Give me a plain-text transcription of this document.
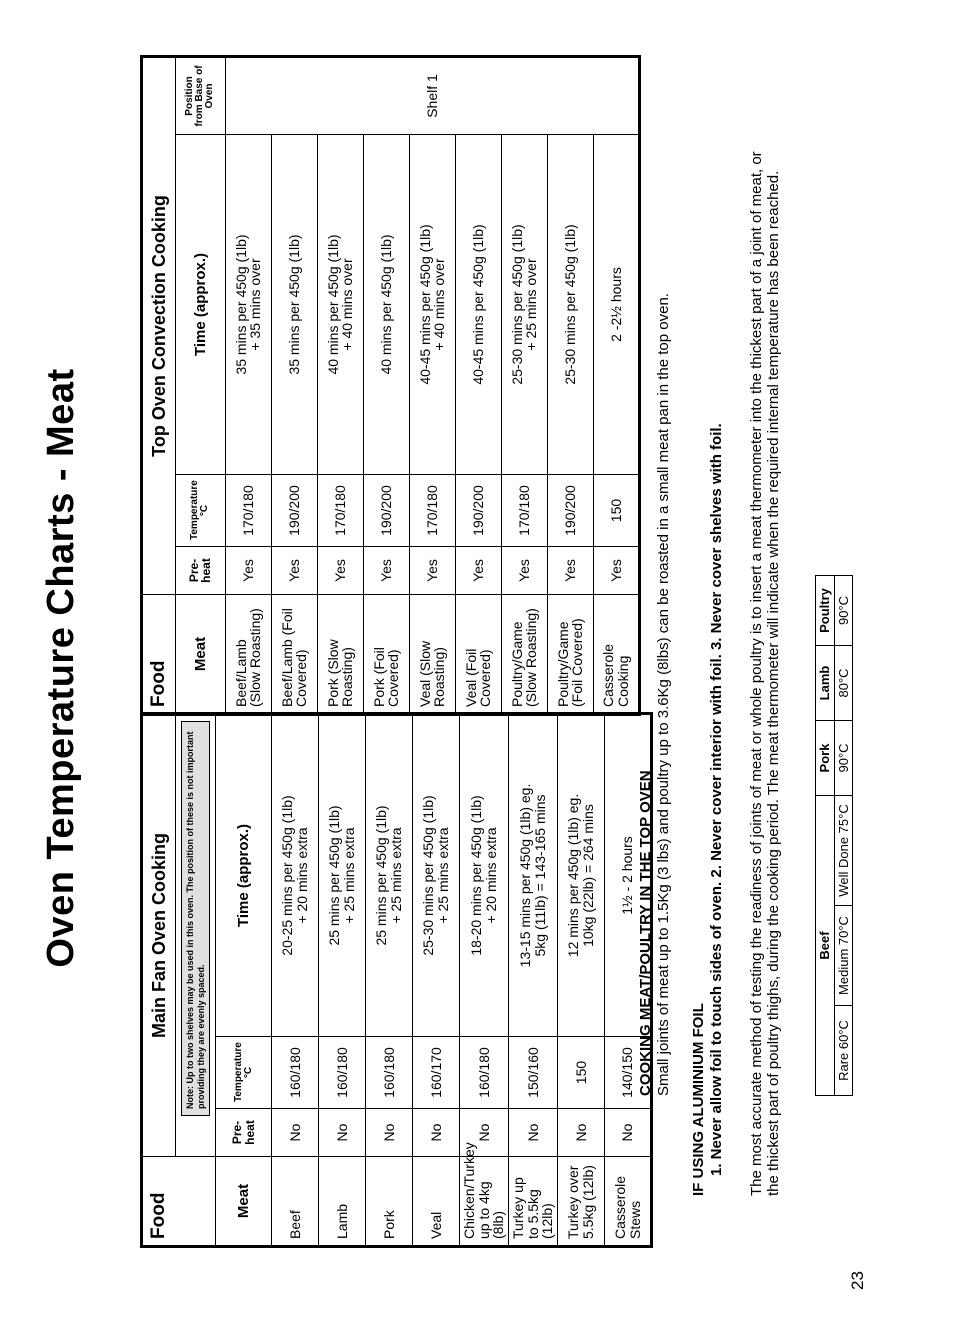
Oven Temperature Charts - Meat
Food	Main Fan Oven Cooking		

	Note: Up to two shelves may be used in this oven. The position of these is not important providing they are evenly spaced.		

Meat	Pre- heat	Temperature °C	Time (approx.)
Beef	No	160/180	20-25 mins per 450g (1lb)
+ 20 mins extra

Lamb	No	160/180	25 mins per 450g (1lb)
+ 25 mins extra

Pork	No	160/180	25 mins per 450g (1lb)
+ 25 mins extra

Veal	No	160/170	25-30 mins per 450g (1lb)
+ 25 mins extra

Chicken/Turkey up to 4kg (8lb)	No	160/180	18-20 mins per 450g (1lb)
+ 20 mins extra

Turkey up to 5.5kg (12lb)	No	150/160	13-15 mins per 450g (1lb) eg.
5kg (11lb) = 143-165 mins

Turkey over 5.5kg (12lb)	No	150	12 mins per 450g (1lb) eg.
10kg (22lb) = 264 mins

Casserole Stews	No	140/150	1½ - 2 hours
Food	Top Oven Convection Cooking			
Meat	Pre- heat	Temperature °C	Time (approx.)	Position from Base of Oven
Beef/Lamb (Slow Roasting)	Yes	170/180	35 mins per 450g (1lb)
+ 35 mins over	Shelf 1
Beef/Lamb (Foil Covered)	Yes	190/200	35 mins per 450g (1lb)	

Pork (Slow Roasting)	Yes	170/180	40 mins per 450g (1lb)
+ 40 mins over	

Pork (Foil Covered)	Yes	190/200	40 mins per 450g (1lb)	

Veal (Slow Roasting)	Yes	170/180	40-45 mins per 450g (1lb)
+ 40 mins over	

Veal (Foil Covered)	Yes	190/200	40-45 mins per 450g (1lb)	

Poultry/Game (Slow Roasting)	Yes	170/180	25-30 mins per 450g (1lb)
+ 25 mins over	

Poultry/Game (Foil Covered)	Yes	190/200	25-30 mins per 450g (1lb)	

Casserole Cooking	Yes	150	2 -2½ hours	
COOKING MEAT/POULTRY IN THE TOP OVEN Small joints of meat up to 1.5Kg (3 lbs) and poultry up to 3.6Kg (8lbs) can be roasted in a small meat pan in the top oven.
IF USING ALUMINIUM FOIL 1. Never allow foil to touch sides of oven. 2. Never cover interior with foil. 3. Never cover shelves with foil. The most accurate method of testing the readiness of joints of meat or whole poultry is to insert a meat thermometer into the thickest part of a joint of meat, or the thickest part of poultry thighs, during the cooking period. The meat thermometer will indicate when the required internal temperature has been reached.	Beef			Pork	Lamb	Poultry
Rare 60°C	Medium 70°C	Well Done 75°C	90°C	80°C	90°C
23
